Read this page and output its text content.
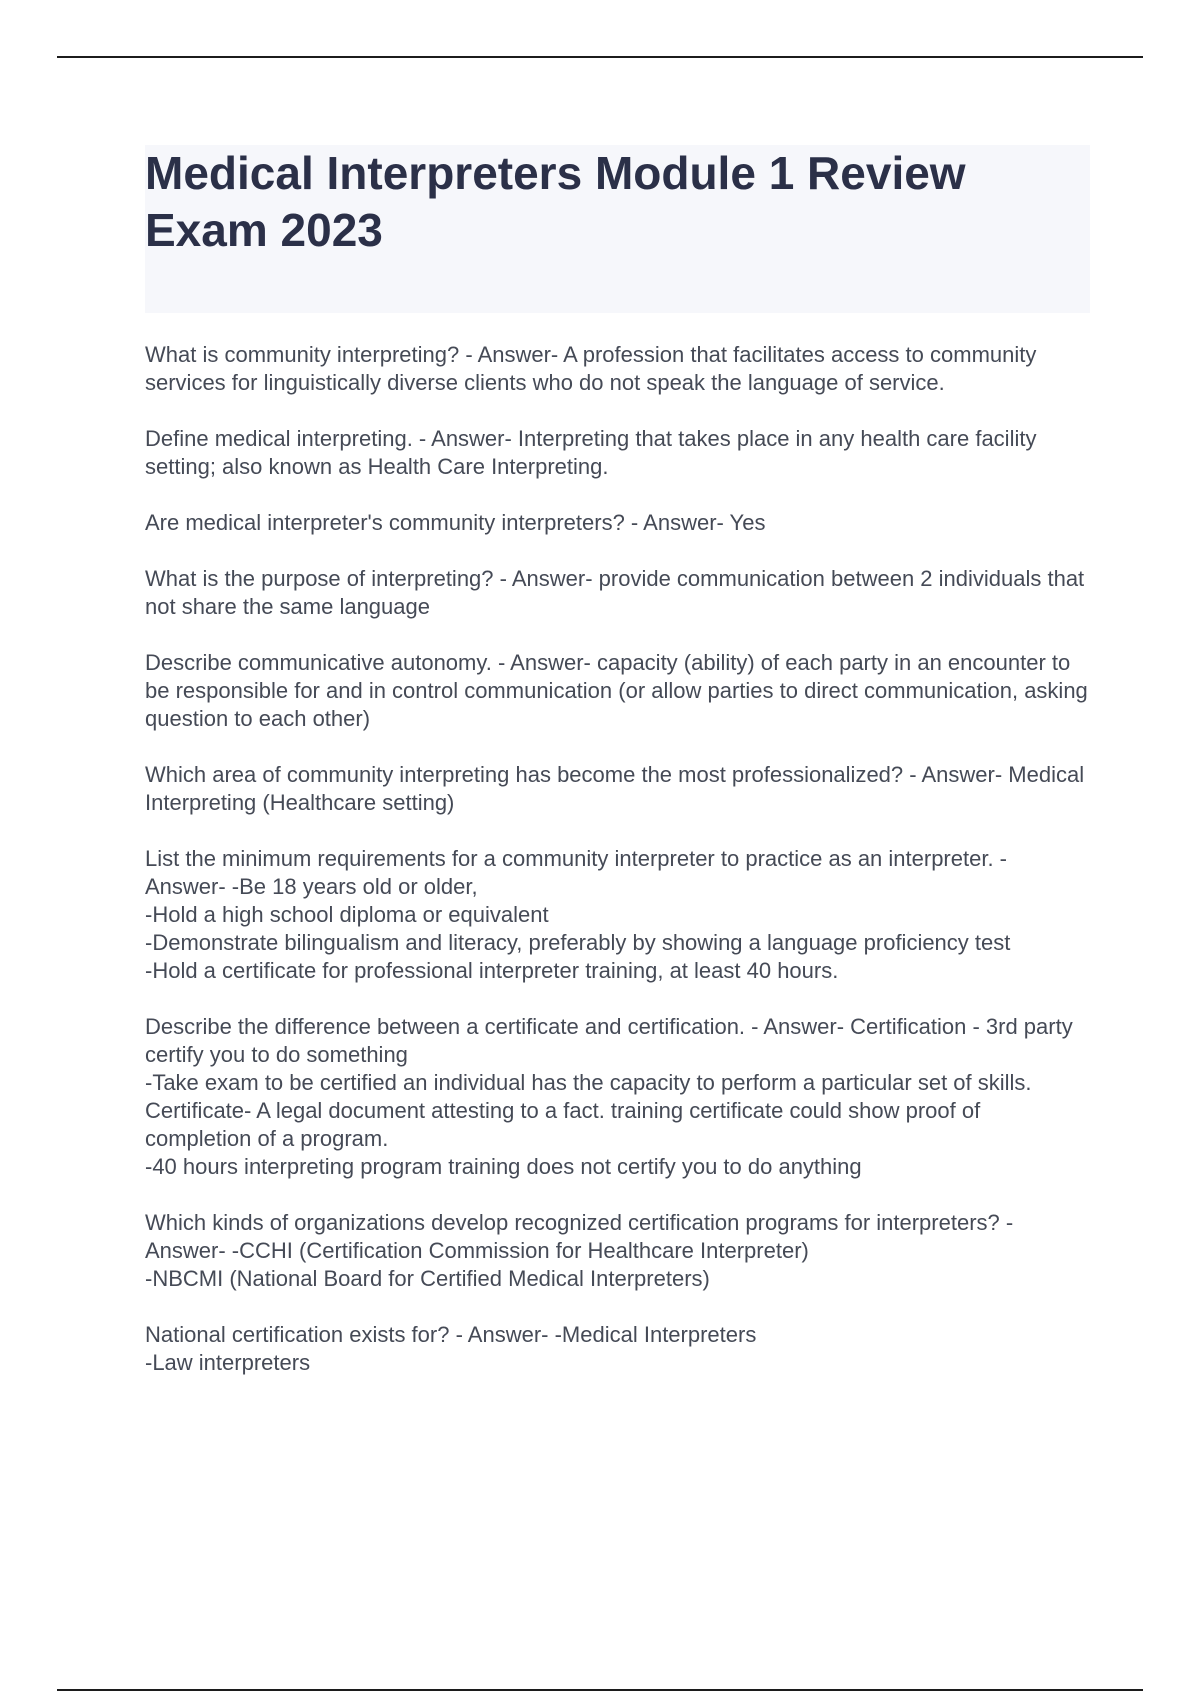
Medical Interpreters Module 1 Review Exam 2023

What is community interpreting? - Answer- A profession that facilitates access to community services for linguistically diverse clients who do not speak the language of service.

Define medical interpreting. - Answer- Interpreting that takes place in any health care facility setting; also known as Health Care Interpreting.

Are medical interpreter's community interpreters? - Answer- Yes

What is the purpose of interpreting? - Answer- provide communication between 2 individuals that not share the same language

Describe communicative autonomy. - Answer- capacity (ability) of each party in an encounter to be responsible for and in control communication (or allow parties to direct communication, asking question to each other)

Which area of community interpreting has become the most professionalized? - Answer- Medical Interpreting (Healthcare setting)

List the minimum requirements for a community interpreter to practice as an interpreter. - Answer- -Be 18 years old or older,
-Hold a high school diploma or equivalent
-Demonstrate bilingualism and literacy, preferably by showing a language proficiency test
-Hold a certificate for professional interpreter training, at least 40 hours.

Describe the difference between a certificate and certification. - Answer- Certification - 3rd party certify you to do something
-Take exam to be certified an individual has the capacity to perform a particular set of skills. Certificate- A legal document attesting to a fact. training certificate could show proof of completion of a program.
-40 hours interpreting program training does not certify you to do anything

Which kinds of organizations develop recognized certification programs for interpreters? - Answer- -CCHI (Certification Commission for Healthcare Interpreter)
-NBCMI (National Board for Certified Medical Interpreters)

National certification exists for? - Answer- -Medical Interpreters
-Law interpreters
